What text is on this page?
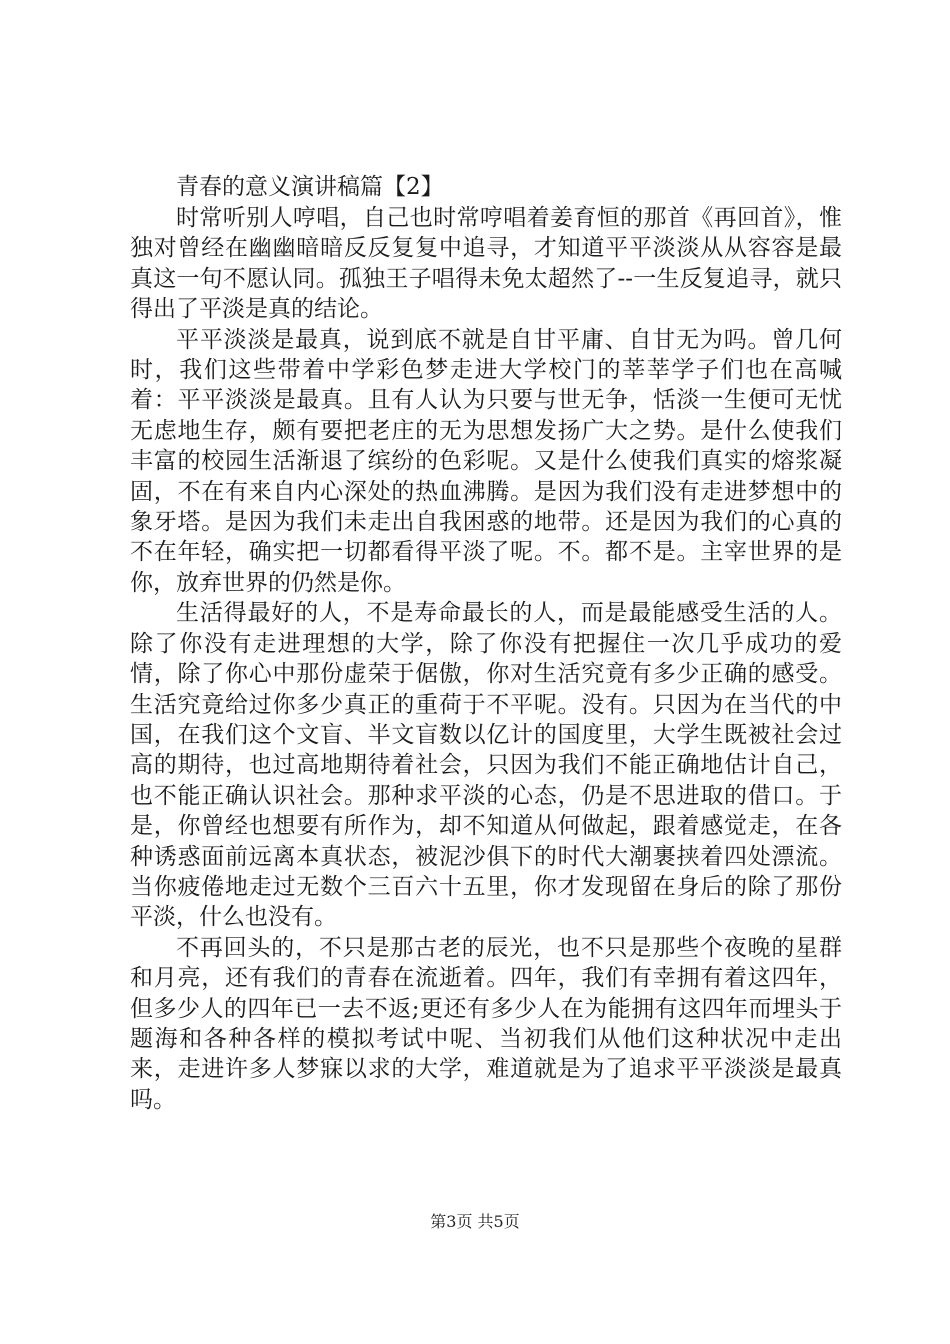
青春的意义演讲稿篇【2】

时常听别人哼唱，自己也时常哼唱着姜育恒的那首《再回首》，惟独对曾经在幽幽暗暗反反复复中追寻，才知道平平淡淡从从容容是最真这一句不愿认同。孤独王子唱得未免太超然了--一生反复追寻，就只得出了平淡是真的结论。

平平淡淡是最真，说到底不就是自甘平庸、自甘无为吗。曾几何时，我们这些带着中学彩色梦走进大学校门的莘莘学子们也在高喊着：平平淡淡是最真。且有人认为只要与世无争，恬淡一生便可无忧无虑地生存，颇有要把老庄的无为思想发扬广大之势。是什么使我们丰富的校园生活渐退了缤纷的色彩呢。又是什么使我们真实的熔浆凝固，不在有来自内心深处的热血沸腾。是因为我们没有走进梦想中的象牙塔。是因为我们未走出自我困惑的地带。还是因为我们的心真的不在年轻，确实把一切都看得平淡了呢。不。都不是。主宰世界的是你，放弃世界的仍然是你。

生活得最好的人，不是寿命最长的人，而是最能感受生活的人。除了你没有走进理想的大学，除了你没有把握住一次几乎成功的爱情，除了你心中那份虚荣于倨傲，你对生活究竟有多少正确的感受。生活究竟给过你多少真正的重荷于不平呢。没有。只因为在当代的中国，在我们这个文盲、半文盲数以亿计的国度里，大学生既被社会过高的期待，也过高地期待着社会，只因为我们不能正确地估计自己，也不能正确认识社会。那种求平淡的心态，仍是不思进取的借口。于是，你曾经也想要有所作为，却不知道从何做起，跟着感觉走，在各种诱惑面前远离本真状态，被泥沙俱下的时代大潮裹挟着四处漂流。当你疲倦地走过无数个三百六十五里，你才发现留在身后的除了那份平淡，什么也没有。

不再回头的，不只是那古老的辰光，也不只是那些个夜晚的星群和月亮，还有我们的青春在流逝着。四年，我们有幸拥有着这四年，但多少人的四年已一去不返;更还有多少人在为能拥有这四年而埋头于题海和各种各样的模拟考试中呢、当初我们从他们这种状况中走出来，走进许多人梦寐以求的大学，难道就是为了追求平平淡淡是最真吗。

第3页 共5页
